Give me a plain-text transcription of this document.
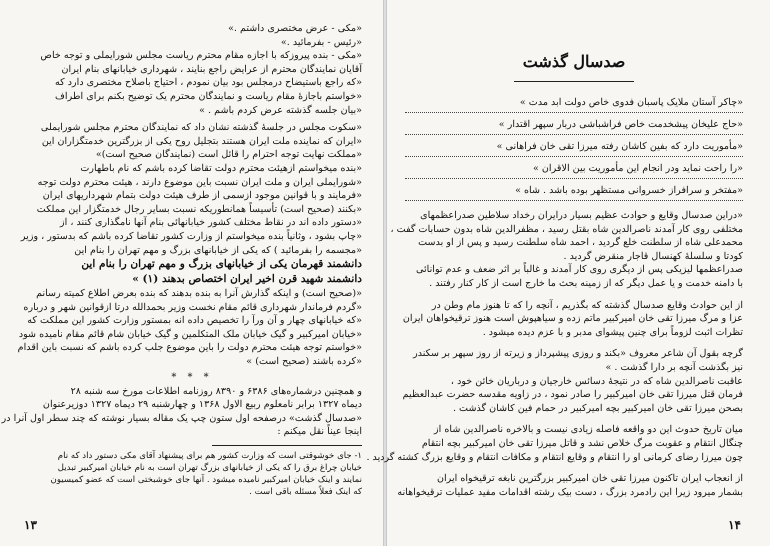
«مکی - عرض مختصری داشتم .»
«رئیس - بفرمائید .»
«مکی - بنده پیروزکه با اجازه مقام محترم ریاست مجلس شورایملی و توجه خاص
آقایان نمایندگان محترم از عرایض راجع بنایند ، شهرداری خیابانهای بنام ایران
«که راجع باستیضاح درمجلس بود بیان نمودم ، احتیاج باصلاح مختصری دارد که
«خواستم باجازهٔ مقام ریاست و نمایندگان محترم یک توضیح بکنم برای اطراف
«بیان جلسه گذشته عرض کردم باشم . »
«سکوت مجلس در جلسهٔ گذشته نشان داد که نمایندگان محترم مجلس شورایملی
«ایران که نماینده ملت ایران هستند بتجلیل روح یکی از بزرگترین خدمتگزاران این
«مملکت نهایت توجه احترام را قائل است (نمایندگان صحیح است)»
«بنده میخواستم ازهیئت محترم دولت تقاضا کرده باشم که نام باطهارت
«شورایملی ایران و ملت ایران نسبت باین موضوع دارند ، هیئت محترم دولت توجه
«فرمایند و با قوانین موجود ازسمی از طرف هیئت دولت بتمام شهرداریهای ایران
«بکنند (صحیح است) تأسیساً همانطوریکه نسبت بسایر رجال خدمتگزار این مملکت
«دستور داده اند در نقاط مختلف کشور خیابانهائی بنام آنها نامگذاری کنند ، از
«چاپ بشود ، وثانیاً بنده میخواستم از وزارت کشور تقاضا کرده باشم که بدستور ، وزیر
«مجسمه را بفرمائید ) که یکی از خیابانهای بزرگ و مهم تهران را بنام این
دانشمند قهرمان یکی از خیابانهای بزرگ و مهم تهران را بنام این
دانشمند شهید قرن اخیر ایران اختصاص بدهند (۱) »
«(صحیح است) و اینکه گذارش آنرا به بنده بدهند که بنده بعرض اطلاع کمیته رسانم
«گردم فرماندار شهرداری قائم مقام نخست وزیر بحمدالله درتا ازقوانین شهر و درباره
«که خیابانهای چهار و آن ورآ را تخصیص داده انه بمستور وزارت کشور این مملکت که
«خیابان امیرکبیر و گیک خیابان ملک المتکلمین و گیک خیابان شام قائم مقام نامیده شود
«خواستم توجه هیئت محترم دولت را باین موضوع جلب کرده باشم که نسبت باین اقدام
«کرده باشند (صحیح است) »
* * *
و همچنین درشماره‌های ۶۳۸۶ و ۸۳۹۰ روزنامه اطلاعات مورخ سه شنبه ۲۸
دیماه ۱۳۲۷ برابر نامعلوم ربیع الاول ۱۳۶۸ و چهارشنبه ۲۹ دیماه ۱۳۲۷ دوزیرعنوان
«صدسال گذشت» درصفحه اول ستون چپ یک مقاله بسیار نوشته که چند سطر اول آنرا در
اینجا عیناً نقل میکنم :
۱- جای خوشوقتی است که وزارت کشور هم برای پیشنهاد آقای مکی دستور داد که نام
خیابان چراغ برق را که یکی از خیابانهای بزرگ تهران است به نام خیابان امیرکبیر تبدیل
نمایند و اینک خیابان امیرکبیر نامیده میشود . آنها جای خوشبختی است که عضو کمیسیون
که اینک فعلاً مسئله باقی است .
۱۳
صدسال گذشت
«چاکر آستان ملایک پاسبان فدوی خاص دولت ابد مدت »
«حاج علیخان پیشخدمت خاص فراشباشی دربار سپهر اقتدار »
«مأموریت دارد که بفین کاشان رفته میرزا تقی خان فراهانی »
«را راحت نماید ودر انجام این مأموریت بین الاقران »
«مفتخر و سرافراز خسروانی مستظهر بوده باشد . شاه »
«دراین صدسال وقایع و حوادث عظیم بسیار درایران رخداد سلاطین صدراعظمهای
مختلفی روی کار آمدند ناصرالدین شاه بقتل رسید ، مظفرالدین شاه بدون حسابات گفت ،
محمدعلی شاه از سلطنت خلع گردید ، احمد شاه سلطنت رسید و پس از او بدست
کودتا و سلسلهٔ کهنسال قاجار منقرض گردید .
صدراعظمها لیزیکی پس از دیگری روی کار آمدند و غالباً بر اثر ضعف و عدم توانائی
با دامنه خدمت و یا عمل دیگر که از زمینه بحث ما خارج است از کار کنار رفتند .
از این حوادث وقایع صدسال گذشته که بگذریم ، آنچه را که تا هنوز مام وطن در
عزا و مرگ میرزا تقی خان امیرکبیر ماتم زده و سیاهپوش است هنوز ترقیخواهان ایران
تظرات اثبت لزوماً برای چنین پیشوای مدبر و با عزم دیده میشود .
گرچه بقول آن شاعر معروف «بکند و روزی پیشپرداز و زیرته از روز سپهر بر سکندر
نیز بگذشت آنچه بر دارا گذشت . »
عاقبت ناصرالدین شاه که در نتیجهٔ دسائس خارجیان و درباریان خائن خود ،
فرمان قتل میرزا تقی خان امیرکبیر را صادر نمود ، در زاویه مقدسه حضرت عبدالعظیم
بصحن میرزا تقی خان امیرکبیر بچه امیرکبیر در حمام فین کاشان گذشت .
میان تاریخ حدوث این دو واقعه فاصله زیادی نیست و بالاخره ناصرالدین شاه از
چنگال انتقام و عقوبت مرگ خلاص نشد و قاتل میرزا تقی خان امیرکبیر بچه انتقام
چون میرزا رضای کرمانی او را انتقام و وقایع انتقام و مکافات انتقام و وقایع بزرگ کشته گردید .
از انعجاب ایران تاکنون میرزا تقی خان امیرکبیر بزرگترین نابغه ترقیخواه ایران
بشمار میرود زیرا این رادمرد بزرگ ، دست بیک رشته اقدامات مفید عملیات ترقیخواهانه
۱۴
